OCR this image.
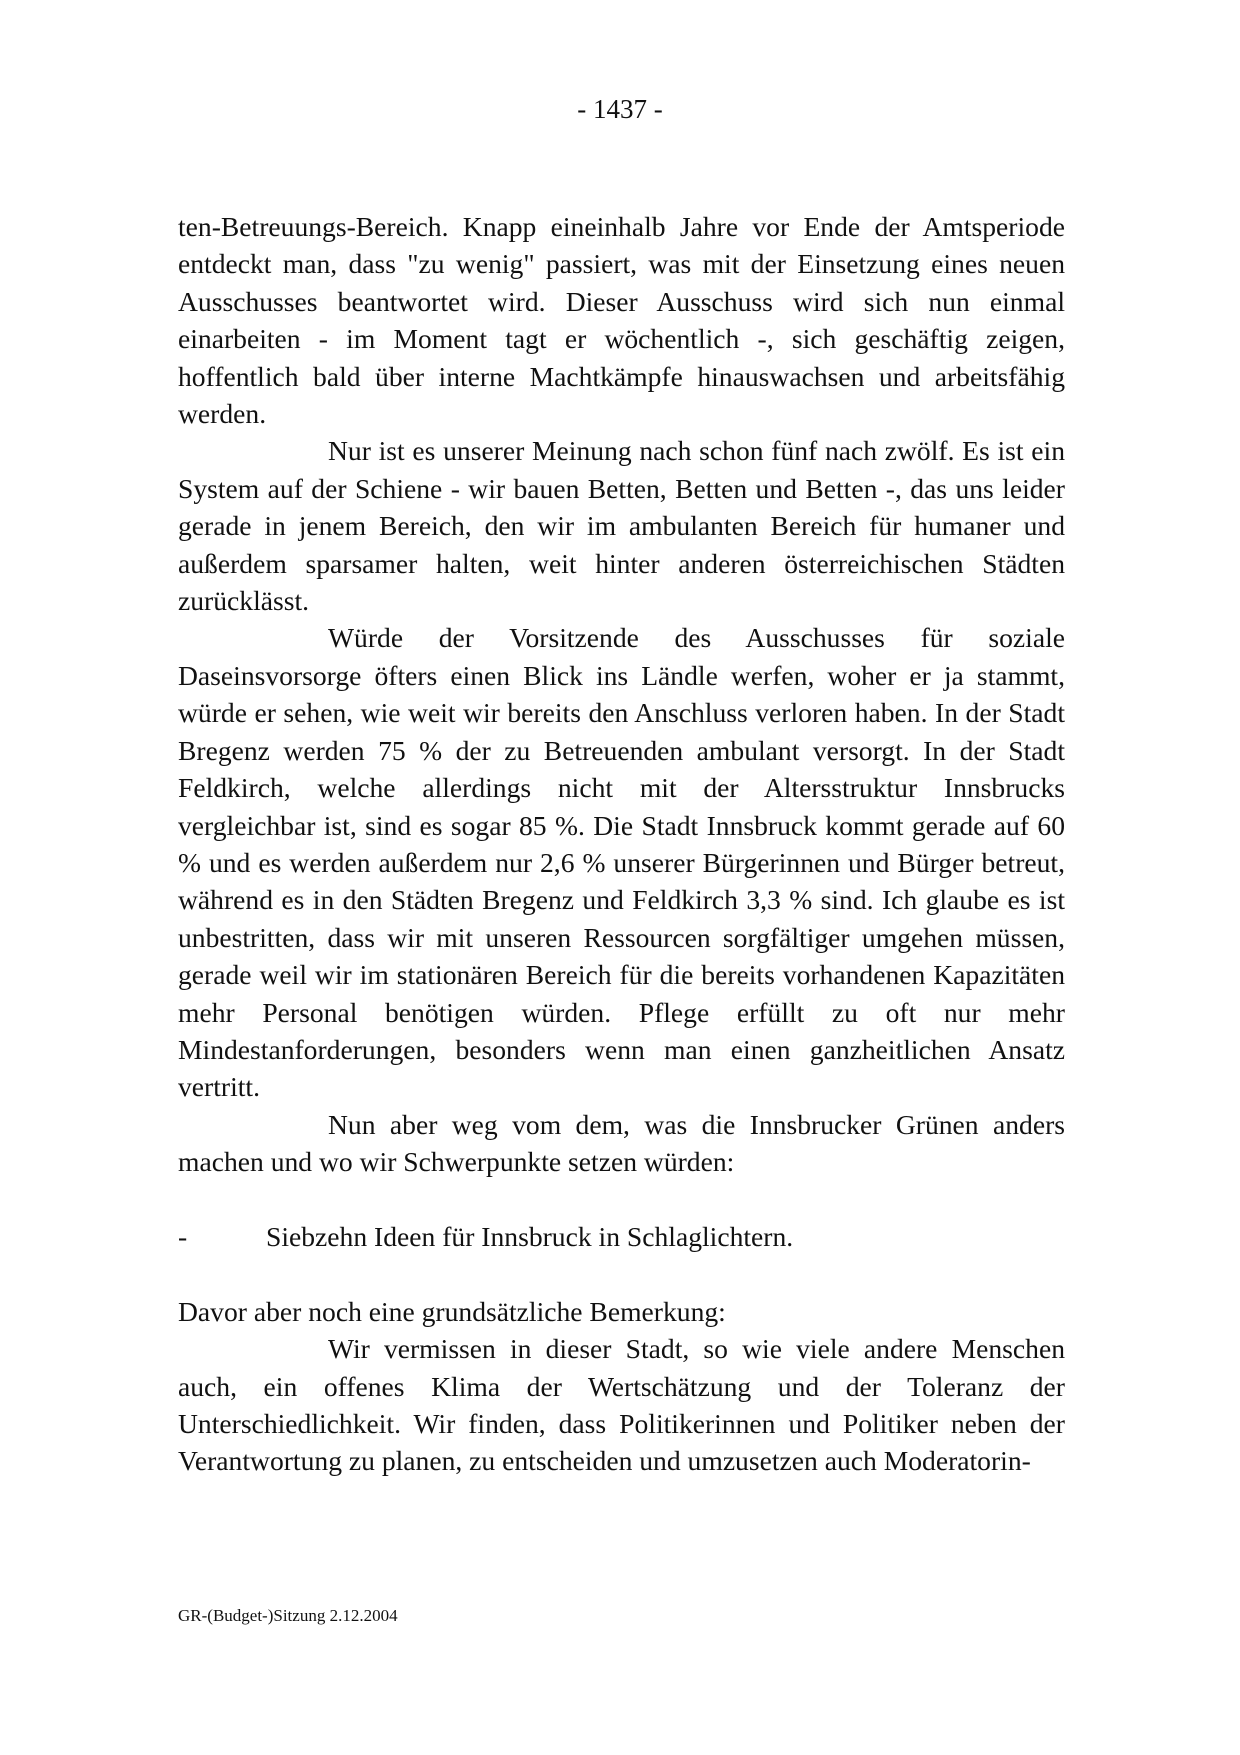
- 1437 -

ten-Betreuungs-Bereich. Knapp eineinhalb Jahre vor Ende der Amtsperiode entdeckt man, dass "zu wenig" passiert, was mit der Einsetzung eines neuen Ausschusses beantwortet wird. Dieser Ausschuss wird sich nun einmal einarbeiten - im Moment tagt er wöchentlich -, sich geschäftig zeigen, hoffentlich bald über interne Machtkämpfe hinauswachsen und arbeitsfähig werden.

Nur ist es unserer Meinung nach schon fünf nach zwölf. Es ist ein System auf der Schiene - wir bauen Betten, Betten und Betten -, das uns leider gerade in jenem Bereich, den wir im ambulanten Bereich für humaner und außerdem sparsamer halten, weit hinter anderen österreichischen Städten zurücklässt.

Würde der Vorsitzende des Ausschusses für soziale Daseinsvorsorge öfters einen Blick ins Ländle werfen, woher er ja stammt, würde er sehen, wie weit wir bereits den Anschluss verloren haben. In der Stadt Bregenz werden 75 % der zu Betreuenden ambulant versorgt. In der Stadt Feldkirch, welche allerdings nicht mit der Altersstruktur Innsbrucks vergleichbar ist, sind es sogar 85 %. Die Stadt Innsbruck kommt gerade auf 60 % und es werden außerdem nur 2,6 % unserer Bürgerinnen und Bürger betreut, während es in den Städten Bregenz und Feldkirch 3,3 % sind. Ich glaube es ist unbestritten, dass wir mit unseren Ressourcen sorgfältiger umgehen müssen, gerade weil wir im stationären Bereich für die bereits vorhandenen Kapazitäten mehr Personal benötigen würden. Pflege erfüllt zu oft nur mehr Mindestanforderungen, besonders wenn man einen ganzheitlichen Ansatz vertritt.

Nun aber weg vom dem, was die Innsbrucker Grünen anders machen und wo wir Schwerpunkte setzen würden:

-	Siebzehn Ideen für Innsbruck in Schlaglichtern.

Davor aber noch eine grundsätzliche Bemerkung:

Wir vermissen in dieser Stadt, so wie viele andere Menschen auch, ein offenes Klima der Wertschätzung und der Toleranz der Unterschiedlichkeit. Wir finden, dass Politikerinnen und Politiker neben der Verantwortung zu planen, zu entscheiden und umzusetzen auch Moderatorin-

GR-(Budget-)Sitzung 2.12.2004
